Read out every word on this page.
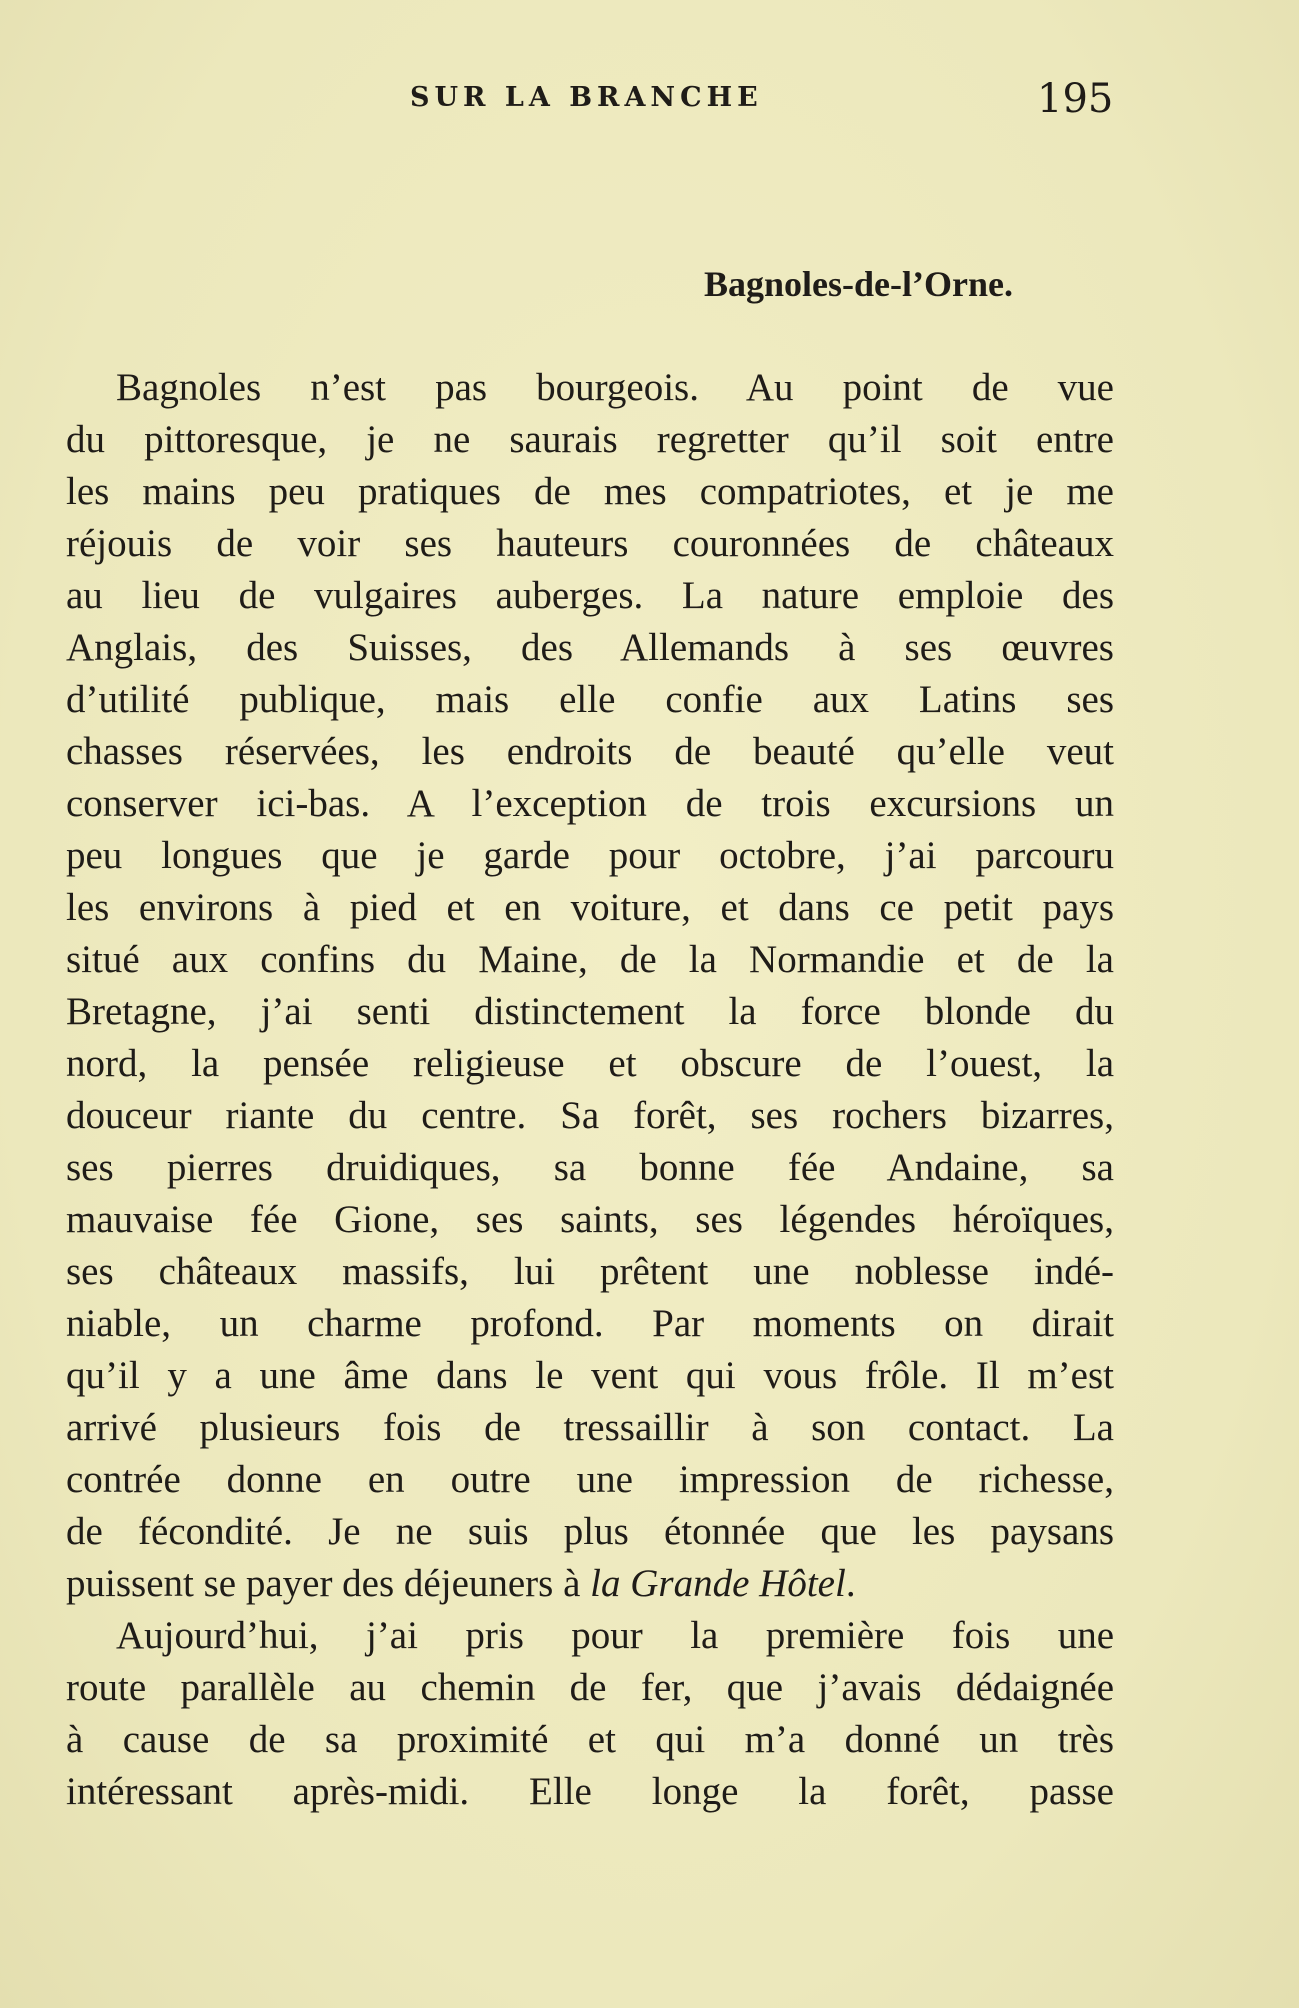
SUR LA BRANCHE	195
Bagnoles-de-l’Orne.
Bagnoles n’est pas bourgeois. Au point de vue
du pittoresque, je ne saurais regretter qu’il soit entre
les mains peu pratiques de mes compatriotes, et je me
réjouis de voir ses hauteurs couronnées de châteaux
au lieu de vulgaires auberges. La nature emploie des
Anglais, des Suisses, des Allemands à ses œuvres
d’utilité publique, mais elle confie aux Latins ses
chasses réservées, les endroits de beauté qu’elle veut
conserver ici-bas. A l’exception de trois excursions un
peu longues que je garde pour octobre, j’ai parcouru
les environs à pied et en voiture, et dans ce petit pays
situé aux confins du Maine, de la Normandie et de la
Bretagne, j’ai senti distinctement la force blonde du
nord, la pensée religieuse et obscure de l’ouest, la
douceur riante du centre. Sa forêt, ses rochers bizarres,
ses pierres druidiques, sa bonne fée Andaine, sa
mauvaise fée Gione, ses saints, ses légendes héroïques,
ses châteaux massifs, lui prêtent une noblesse indé-
niable, un charme profond. Par moments on dirait
qu’il y a une âme dans le vent qui vous frôle. Il m’est
arrivé plusieurs fois de tressaillir à son contact. La
contrée donne en outre une impression de richesse,
de fécondité. Je ne suis plus étonnée que les paysans
puissent se payer des déjeuners à la Grande Hôtel.
Aujourd’hui, j’ai pris pour la première fois une
route parallèle au chemin de fer, que j’avais dédaignée
à cause de sa proximité et qui m’a donné un très
intéressant après-midi. Elle longe la forêt, passe
